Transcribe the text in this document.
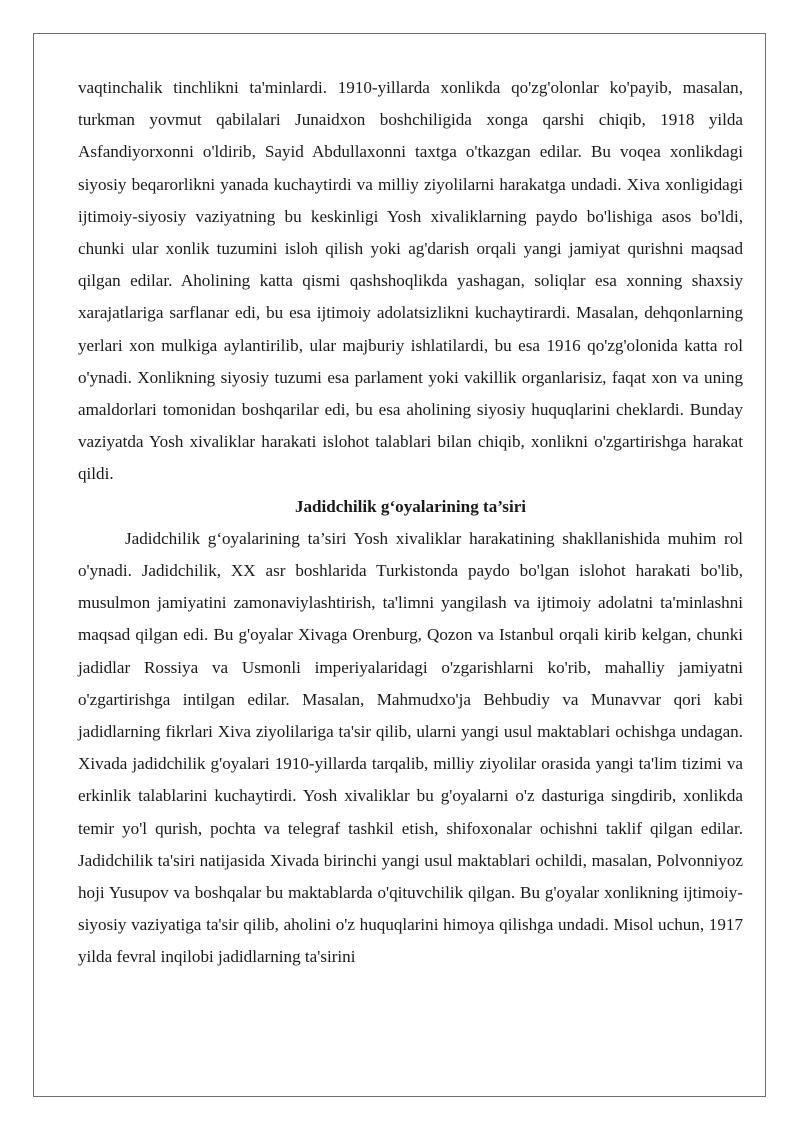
vaqtinchalik tinchlikni ta'minlardi. 1910-yillarda xonlikda qo'zg'olonlar ko'payib, masalan, turkman yovmut qabilalari Junaidxon boshchiligida xonga qarshi chiqib, 1918 yilda Asfandiyorxonni o'ldirib, Sayid Abdullaxonni taxtga o'tkazgan edilar. Bu voqea xonlikdagi siyosiy beqarorlikni yanada kuchaytirdi va milliy ziyolilarni harakatga undadi. Xiva xonligidagi ijtimoiy-siyosiy vaziyatning bu keskinligi Yosh xivaliklarning paydo bo'lishiga asos bo'ldi, chunki ular xonlik tuzumini isloh qilish yoki ag'darish orqali yangi jamiyat qurishni maqsad qilgan edilar. Aholining katta qismi qashshoqlikda yashagan, soliqlar esa xonning shaxsiy xarajatlariga sarflanar edi, bu esa ijtimoiy adolatsizlikni kuchaytirardi. Masalan, dehqonlarning yerlari xon mulkiga aylantirilib, ular majburiy ishlatilardi, bu esa 1916 qo'zg'olonida katta rol o'ynadi. Xonlikning siyosiy tuzumi esa parlament yoki vakillik organlarisiz, faqat xon va uning amaldorlari tomonidan boshqarilar edi, bu esa aholining siyosiy huquqlarini cheklardi. Bunday vaziyatda Yosh xivaliklar harakati islohot talablari bilan chiqib, xonlikni o'zgartirishga harakat qildi.

Jadidchilik g‘oyalarining ta’siri

Jadidchilik g‘oyalarining ta’siri Yosh xivaliklar harakatining shakllanishida muhim rol o'ynadi. Jadidchilik, XX asr boshlarida Turkistonda paydo bo'lgan islohot harakati bo'lib, musulmon jamiyatini zamonaviylashtirish, ta'limni yangilash va ijtimoiy adolatni ta'minlashni maqsad qilgan edi. Bu g'oyalar Xivaga Orenburg, Qozon va Istanbul orqali kirib kelgan, chunki jadidlar Rossiya va Usmonli imperiyalaridagi o'zgarishlarni ko'rib, mahalliy jamiyatni o'zgartirishga intilgan edilar. Masalan, Mahmudxo'ja Behbudiy va Munavvar qori kabi jadidlarning fikrlari Xiva ziyolilariga ta'sir qilib, ularni yangi usul maktablari ochishga undagan. Xivada jadidchilik g'oyalari 1910-yillarda tarqalib, milliy ziyolilar orasida yangi ta'lim tizimi va erkinlik talablarini kuchaytirdi. Yosh xivaliklar bu g'oyalarni o'z dasturiga singdirib, xonlikda temir yo'l qurish, pochta va telegraf tashkil etish, shifoxonalar ochishni taklif qilgan edilar. Jadidchilik ta'siri natijasida Xivada birinchi yangi usul maktablari ochildi, masalan, Polvonniyoz hoji Yusupov va boshqalar bu maktablarda o'qituvchilik qilgan. Bu g'oyalar xonlikning ijtimoiy-siyosiy vaziyatiga ta'sir qilib, aholini o'z huquqlarini himoya qilishga undadi. Misol uchun, 1917 yilda fevral inqilobi jadidlarning ta'sirini
